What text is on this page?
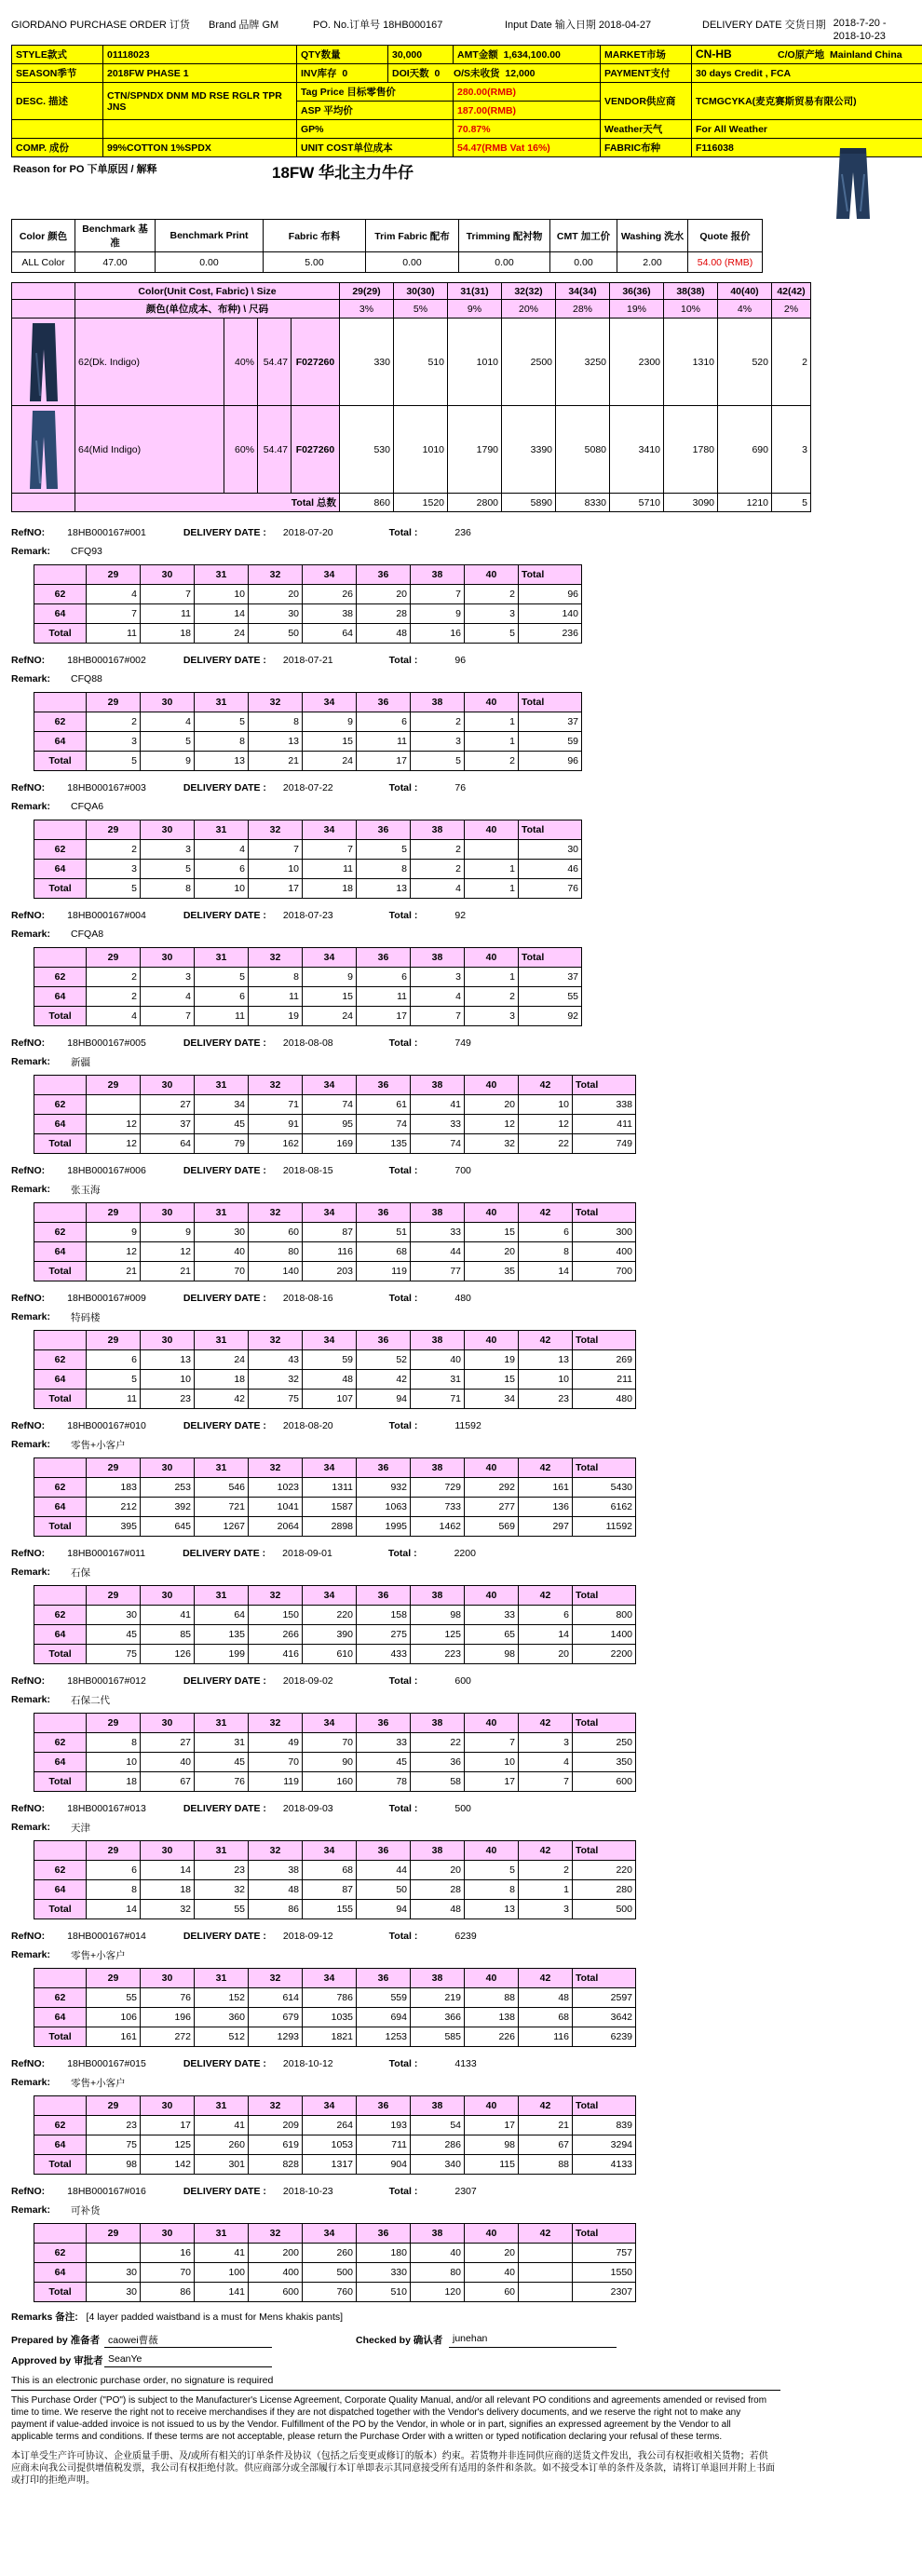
GIORDANO PURCHASE ORDER 订货 Brand 品牌 GM	PO. No.订单号 18HB000167	Input Date 输入日期 2018-04-27	DELIVERY DATE 交货日期 2018-7-20 -
2018-10-23
STYLE款式	01118023	QTY数量	30,000	AMT金额 1,634,100.00	MARKET市场	CN-HB C/O原产地 Mainland China
SEASON季节	2018FW PHASE 1	INV库存 0	DOI天数 0 O/S未收货 12,000		PAYMENT支付	30 days Credit , FCA
DESC. 描述	CTN/SPNDX DNM MD RSE RGLR TPR JNS	Tag Price 目标零售价		280.00(RMB)	VENDOR供应商	TCMGCYKA(麦克赛斯贸易有限公司)
		ASP 平均价		187.00(RMB)		
		GP%		70.87%	Weather天气	For All Weather
COMP. 成份	99%COTTON 1%SPDX	UNIT COST单位成本		54.47(RMB Vat 16%)	FABRIC布种	F116038
Reason for PO 下单原因 / 解释	18FW 华北主力牛仔
Color 颜色	Benchmark 基准	Benchmark Print	Fabric 布料	Trim Fabric 配布	Trimming 配衬物	CMT 加工价	Washing 洗水	Quote 报价
ALL Color	47.00	0.00	5.00	0.00	0.00	0.00	2.00	54.00 (RMB)
	Color(Unit Cost, Fabric) \ Size				29(29)	30(30)	31(31)	32(32)	34(34)	36(36)	38(38)	40(40)	42(42)
	颜色(单位成本、布种) \ 尺码				3%	5%	9%	20%	28%	19%	10%	4%	2%

	62(Dk. Indigo)	40%	54.47	F027260	330	510	1010	2500	3250	2300	1310	520	2

	64(Mid Indigo)	60%	54.47	F027260	530	1010	1790	3390	5080	3410	1780	690	3
	Total 总数				860	1520	2800	5890	8330	5710	3090	1210	5
RefNO: 18HB000167#001	DELIVERY DATE : 2018-07-20	Total :	236
Remark: CFQ93
	29	30	31	32	34	36	38	40	Total
62	4	7	10	20	26	20	7	2	96
64	7	11	14	30	38	28	9	3	140
Total	11	18	24	50	64	48	16	5	236
RefNO: 18HB000167#002	DELIVERY DATE : 2018-07-21	Total :	96
Remark: CFQ88
	29	30	31	32	34	36	38	40	Total
62	2	4	5	8	9	6	2	1	37
64	3	5	8	13	15	11	3	1	59
Total	5	9	13	21	24	17	5	2	96
RefNO: 18HB000167#003	DELIVERY DATE : 2018-07-22	Total :	76
Remark: CFQA6
	29	30	31	32	34	36	38	40	Total
62	2	3	4	7	7	5	2		30
64	3	5	6	10	11	8	2	1	46
Total	5	8	10	17	18	13	4	1	76
RefNO: 18HB000167#004	DELIVERY DATE : 2018-07-23	Total :	92
Remark: CFQA8
	29	30	31	32	34	36	38	40	Total
62	2	3	5	8	9	6	3	1	37
64	2	4	6	11	15	11	4	2	55
Total	4	7	11	19	24	17	7	3	92
RefNO: 18HB000167#005	DELIVERY DATE : 2018-08-08	Total :	749
Remark: 新疆
	29	30	31	32	34	36	38	40	42	Total
62		27	34	71	74	61	41	20	10	338
64	12	37	45	91	95	74	33	12	12	411
Total	12	64	79	162	169	135	74	32	22	749
RefNO: 18HB000167#006	DELIVERY DATE : 2018-08-15	Total :	700
Remark: 张玉海
	29	30	31	32	34	36	38	40	42	Total
62	9	9	30	60	87	51	33	15	6	300
64	12	12	40	80	116	68	44	20	8	400
Total	21	21	70	140	203	119	77	35	14	700
RefNO: 18HB000167#009	DELIVERY DATE : 2018-08-16	Total :	480
Remark: 特码楼
	29	30	31	32	34	36	38	40	42	Total
62	6	13	24	43	59	52	40	19	13	269
64	5	10	18	32	48	42	31	15	10	211
Total	11	23	42	75	107	94	71	34	23	480
RefNO: 18HB000167#010	DELIVERY DATE : 2018-08-20	Total :	11592
Remark: 零售+小客户
	29	30	31	32	34	36	38	40	42	Total
62	183	253	546	1023	1311	932	729	292	161	5430
64	212	392	721	1041	1587	1063	733	277	136	6162
Total	395	645	1267	2064	2898	1995	1462	569	297	11592
RefNO: 18HB000167#011	DELIVERY DATE : 2018-09-01	Total :	2200
Remark: 石保
	29	30	31	32	34	36	38	40	42	Total
62	30	41	64	150	220	158	98	33	6	800
64	45	85	135	266	390	275	125	65	14	1400
Total	75	126	199	416	610	433	223	98	20	2200
RefNO: 18HB000167#012	DELIVERY DATE : 2018-09-02	Total :	600
Remark: 石保二代
	29	30	31	32	34	36	38	40	42	Total
62	8	27	31	49	70	33	22	7	3	250
64	10	40	45	70	90	45	36	10	4	350
Total	18	67	76	119	160	78	58	17	7	600
RefNO: 18HB000167#013	DELIVERY DATE : 2018-09-03	Total :	500
Remark: 天津
	29	30	31	32	34	36	38	40	42	Total
62	6	14	23	38	68	44	20	5	2	220
64	8	18	32	48	87	50	28	8	1	280
Total	14	32	55	86	155	94	48	13	3	500
RefNO: 18HB000167#014	DELIVERY DATE : 2018-09-12	Total :	6239
Remark: 零售+小客户
	29	30	31	32	34	36	38	40	42	Total
62	55	76	152	614	786	559	219	88	48	2597
64	106	196	360	679	1035	694	366	138	68	3642
Total	161	272	512	1293	1821	1253	585	226	116	6239
RefNO: 18HB000167#015	DELIVERY DATE : 2018-10-12	Total :	4133
Remark: 零售+小客户
	29	30	31	32	34	36	38	40	42	Total
62	23	17	41	209	264	193	54	17	21	839
64	75	125	260	619	1053	711	286	98	67	3294
Total	98	142	301	828	1317	904	340	115	88	4133
RefNO: 18HB000167#016	DELIVERY DATE : 2018-10-23	Total :	2307
Remark: 可补货
	29	30	31	32	34	36	38	40	42	Total
62		16	41	200	260	180	40	20		757
64	30	70	100	400	500	330	80	40		1550
Total	30	86	141	600	760	510	120	60		2307
Remarks 备注: [4 layer padded waistband is a must for Mens khakis pants]
Prepared by 准备者 caowei曹薇	Checked by 确认者	junehan
Approved by 审批者 SeanYe
This is an electronic purchase order, no signature is required
This Purchase Order ("PO") is subject to the Manufacturer's License Agreement, Corporate Quality Manual, and/or all relevant PO conditions and agreements amended or revised from time to time. We reserve the right not to receive merchandises if they are not dispatched together with the Vendor's delivery documents, and we reserve the right not to make any payment if value-added invoice is not issued to us by the Vendor. Fulfillment of the PO by the Vendor, in whole or in part, signifies an expressed agreement by the Vendor to all applicable terms and conditions. If these terms are not acceptable, please return the Purchase Order with a written or typed notification declaring your refusal of these terms.
本订单受生产许可协议、企业质量手册、及/或所有相关的订单条件及协议（包括之后变更或修订的版本）约束。若货物并非连同供应商的送货文件发出，我公司有权拒收相关货物；若供应商未向我公司提供增值税发票，我公司有权拒绝付款。供应商部分或全部履行本订单即表示其同意接受所有适用的条件和条款。如不接受本订单的条件及条款，请将订单退回并附上书面或打印的拒绝声明。
